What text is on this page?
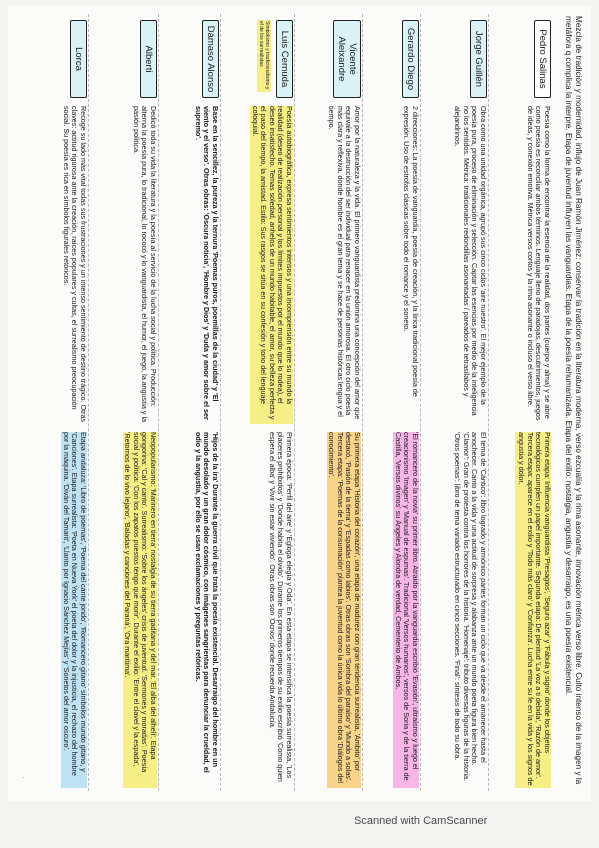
Mezcla de tradición y modernidad, influjo de Juan Ramón Jiménez: conservar la tradición en la literatura moderna, verso ezcualía y la rima asonante, innovación métrica verso libre. Culto intenso de la imagen y la metáfora q complica la interpre. Etapa de juventud influyen las vanguardias. Etapa de la poesía rehumanizada. Etapa del exilio: nostalgia, angustia y desarraigo, es una poesía existencial.
Pedro Salinas

Poesía como la forma de encontrar la esencia de la realidad, dos partes (cuerpo y alma) y se abre como poesía es reconciliar ambos términos. Lenguaje lleno de paradojas, descubrimientos, juegos de ideas, y conexión emotiva. Métrica versos cortos y la rima asonante o incluso el verso libre.

Primera etapa: Influencia vanguardista 'Presagios', 'Seguro azar' y 'Fábula y signo' donde los objetos tecnológicos cumplen un papel importante. Segunda etapa: De plenitud 'La voz a ti debida', 'Razón de amor'. Tercera etapa: aparece en el exilio y 'Todo más claro' y 'Confianza'. Lucha entre su fe en la vida y los signos de angustia y dolor.

Jorge Guillén

Obra como una unidad orgánica, agrupó sus cinco ciclos 'aire nuestro'. El mejor ejemplo de la poesía pura, proceso de eliminación y selección. Captar las esencias por medio de la inteligencia no los sentidos. Métrica: tradicionales redondillas asonantadas / pareados de tetrasílabos y alejandrinos.

El tema de 'Cántico': libro logrado y armónico partes forman un ciclo que va desde el amanecer hasta el anochecer. Canto a la vida y una actitud de sorpresa y alabanza ante un mundo poeta figura bien hecho. 'Clamor': Gran de protesta contra los horrores de la historia. 'Homenaje': tributo diversas figuras de la historia. 'Otros poemas': libro de tema variado estructurado en cinco secciones. 'Final': síntesis de todo su obra.

Gerardo Diego

2 direcciones: La poesía de vanguardia, poesía de creación, y la lírica tradicional poesía de expresión. Uso de estrofas clásicas sobre todo el romance y el soneto.

'El romancero de la novia' su primer libro. Atraído por la vanguardia escribió 'Evasión', ultraísmo y luego el creacionismo 'Imagen' y 'Manual de espumas'. Tradicional 'Versos humanos', versos de Soria y de la tierra de Castilla, 'Versos divinos' su Ángeles y Alondra de verdad, Cementerio de Ambos.

Vicente Aleixandre

Amor por la naturaleza y la vida. El primero vanguardista predomina una concepción del amor que equivale a la destrucción del ser individual para renacer en la unión amorosa. El otro ciclo poesía más clara y reflexiva, donde hombre es el gran tema y se hace de personas históricas lengua y el tiempo.

Su primera etapa 'Historia del corazón', una etapa de madurez con gran tendencia surrealista, 'Ámbito' por destacó, 'Pasión de la tierra' y 'Espadas como labios'. Otras obras son 'Sombra del paraíso' y 'Mundo a solas'. Tercera etapa: 'Poemas de la consumación' plantea la juventud como la única vida lo último obra 'Diálogos del conocimiento'.

Luis Cernuda
Simbolismo y tradicionalismo y el de los surrealistas

Poesía autobiográfica, expresa sentimientos intensos y una incomprensión entre su mundo la realidad (deseo de realización personal y los límites impuestos por el mundo que lo rodea), el deseo insatisfecho. Temas soledad, anhelos de un mundo habitable, el amor, su belleza perfecta y el paso del tiempo, la amistad. Estilo: Sus rasgos se sitúa en su confesión y tono del lenguaje coloquial.

Primera época: 'Perfil del aire' y 'Égloga elegía y Oda'. En esta etapa se intensifica la poesía surrealista, 'Los placeres prohibidos' y 'Donde habita el olvido'. Durante los primeros tiempos de su exilio escribió 'Como quien espera el alba' y 'Vivir sin estar viviendo'. Otras obras son 'Ocnos' donde recuerda Andalucía.

Dámaso Alonso

Base en la sencillez, la pureza y la ternura 'Poemas puros, poemillas de la ciudad' y 'El viento y el verso'. Otras obras: 'Oscura noticia', 'Hombre y Dios' y 'Duda y amor sobre el ser supremo'.

'Hijos de la ira' Durante la guerra civil que trata la poesía existencial. Desarraigo del hombre en un mundo desolado y un gran dolor cósmico, con imágenes sangrientas para denunciar la crueldad, el odio y la angustia, por ello se usan exclamaciones y preguntas retóricas.

Alberti

Dedicó toda su vida la literatura y la poesía al servicio de la lucha social y política. Producción: alterna la poesía pura, lo tradicional, lo rococó y lo vanguardista, el humor, el juego, la angustia y la pasión política.

Neopopularismo: 'Marinero en tierra' nostalgia de su tierra gaditana y del mar. 'El alba del alhelí'. Etapa gongorina: 'Cal y canto'. Surrealismo: 'Sobre los ángeles' crisis de juventud. 'Sermones y moradas'. Poesía social y política: 'Con los zapatos puestos tengo que morir'. Durante el exilio: 'Entre el clavel y la espada', 'Retornos de lo vivo lejano', 'Baladas y canciones del Paraná', 'Ora marítima'.

Lorca

Recoge su lado más vital todas sus frustraciones y un intenso sentimiento de destino trágico. Otras claves: actitud rigurosa ante la creación, raíces populares y cultas, el surrealismo preocupación social. Su poesía es rica en símbolos figurales retóricos.

Etapa andaluza: 'Libro de poemas', 'Poema del cante jondo', 'Romancero gitano' símbolos mundo gitano, y 'Canciones'. Etapa surrealista: 'Poeta en Nueva York' el poeta del dolor y la injusticia, el rechazo del hombre por la máquina. 'Diván del Tamarit', 'Llanto por Ignacio Sánchez Mejías' y 'Sonetos del amor oscuro'.

·
Scanned with CamScanner
